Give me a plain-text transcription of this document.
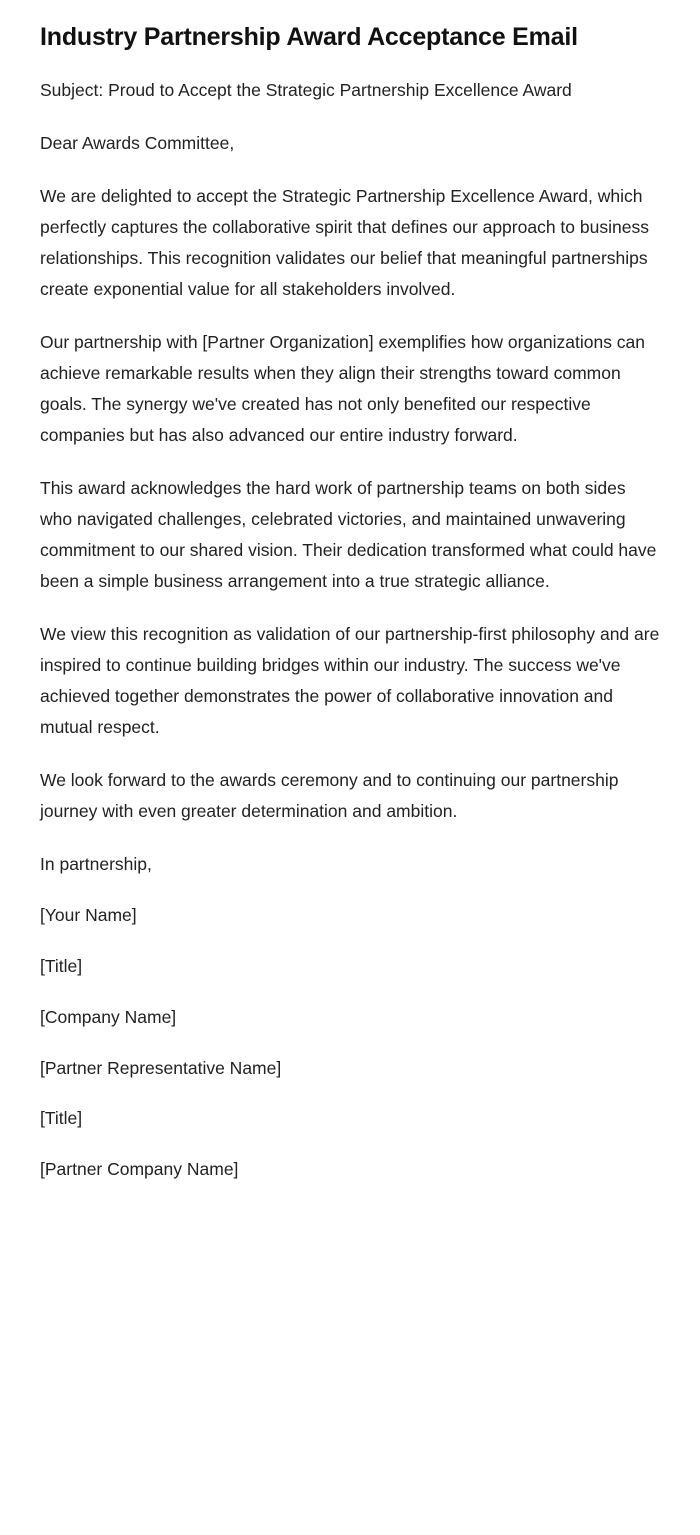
Industry Partnership Award Acceptance Email

Subject: Proud to Accept the Strategic Partnership Excellence Award

Dear Awards Committee,

We are delighted to accept the Strategic Partnership Excellence Award, which perfectly captures the collaborative spirit that defines our approach to business relationships. This recognition validates our belief that meaningful partnerships create exponential value for all stakeholders involved.

Our partnership with [Partner Organization] exemplifies how organizations can achieve remarkable results when they align their strengths toward common goals. The synergy we've created has not only benefited our respective companies but has also advanced our entire industry forward.

This award acknowledges the hard work of partnership teams on both sides who navigated challenges, celebrated victories, and maintained unwavering commitment to our shared vision. Their dedication transformed what could have been a simple business arrangement into a true strategic alliance.

We view this recognition as validation of our partnership-first philosophy and are inspired to continue building bridges within our industry. The success we've achieved together demonstrates the power of collaborative innovation and mutual respect.

We look forward to the awards ceremony and to continuing our partnership journey with even greater determination and ambition.

In partnership,

[Your Name]

[Title]

[Company Name]

[Partner Representative Name]

[Title]

[Partner Company Name]
